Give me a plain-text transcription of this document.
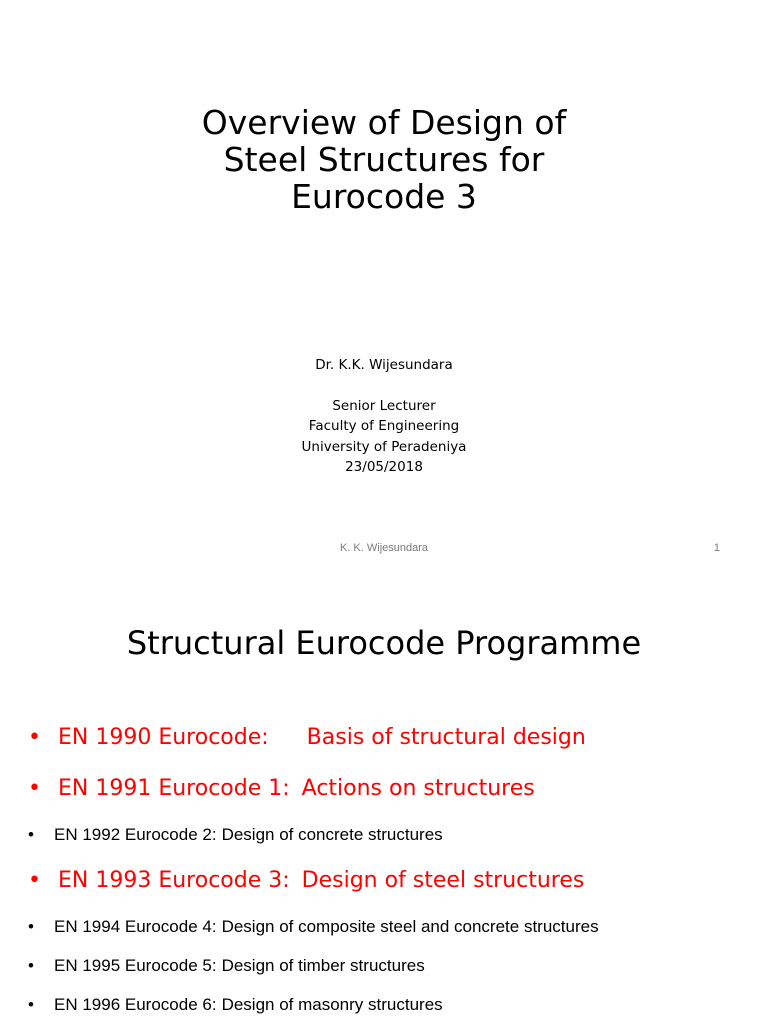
Overview of Design of
Steel Structures for
Eurocode 3
Dr. K.K. Wijesundara
Senior Lecturer
Faculty of Engineering
University of Peradeniya
23/05/2018
K. K. Wijesundara	1
Structural Eurocode Programme
• EN 1990 Eurocode: Basis of structural design
• EN 1991 Eurocode 1: Actions on structures
•	EN 1992 Eurocode 2: Design of concrete structures
• EN 1993 Eurocode 3: Design of steel structures
•	EN 1994 Eurocode 4: Design of composite steel and concrete structures
•	EN 1995 Eurocode 5: Design of timber structures
•	EN 1996 Eurocode 6: Design of masonry structures
